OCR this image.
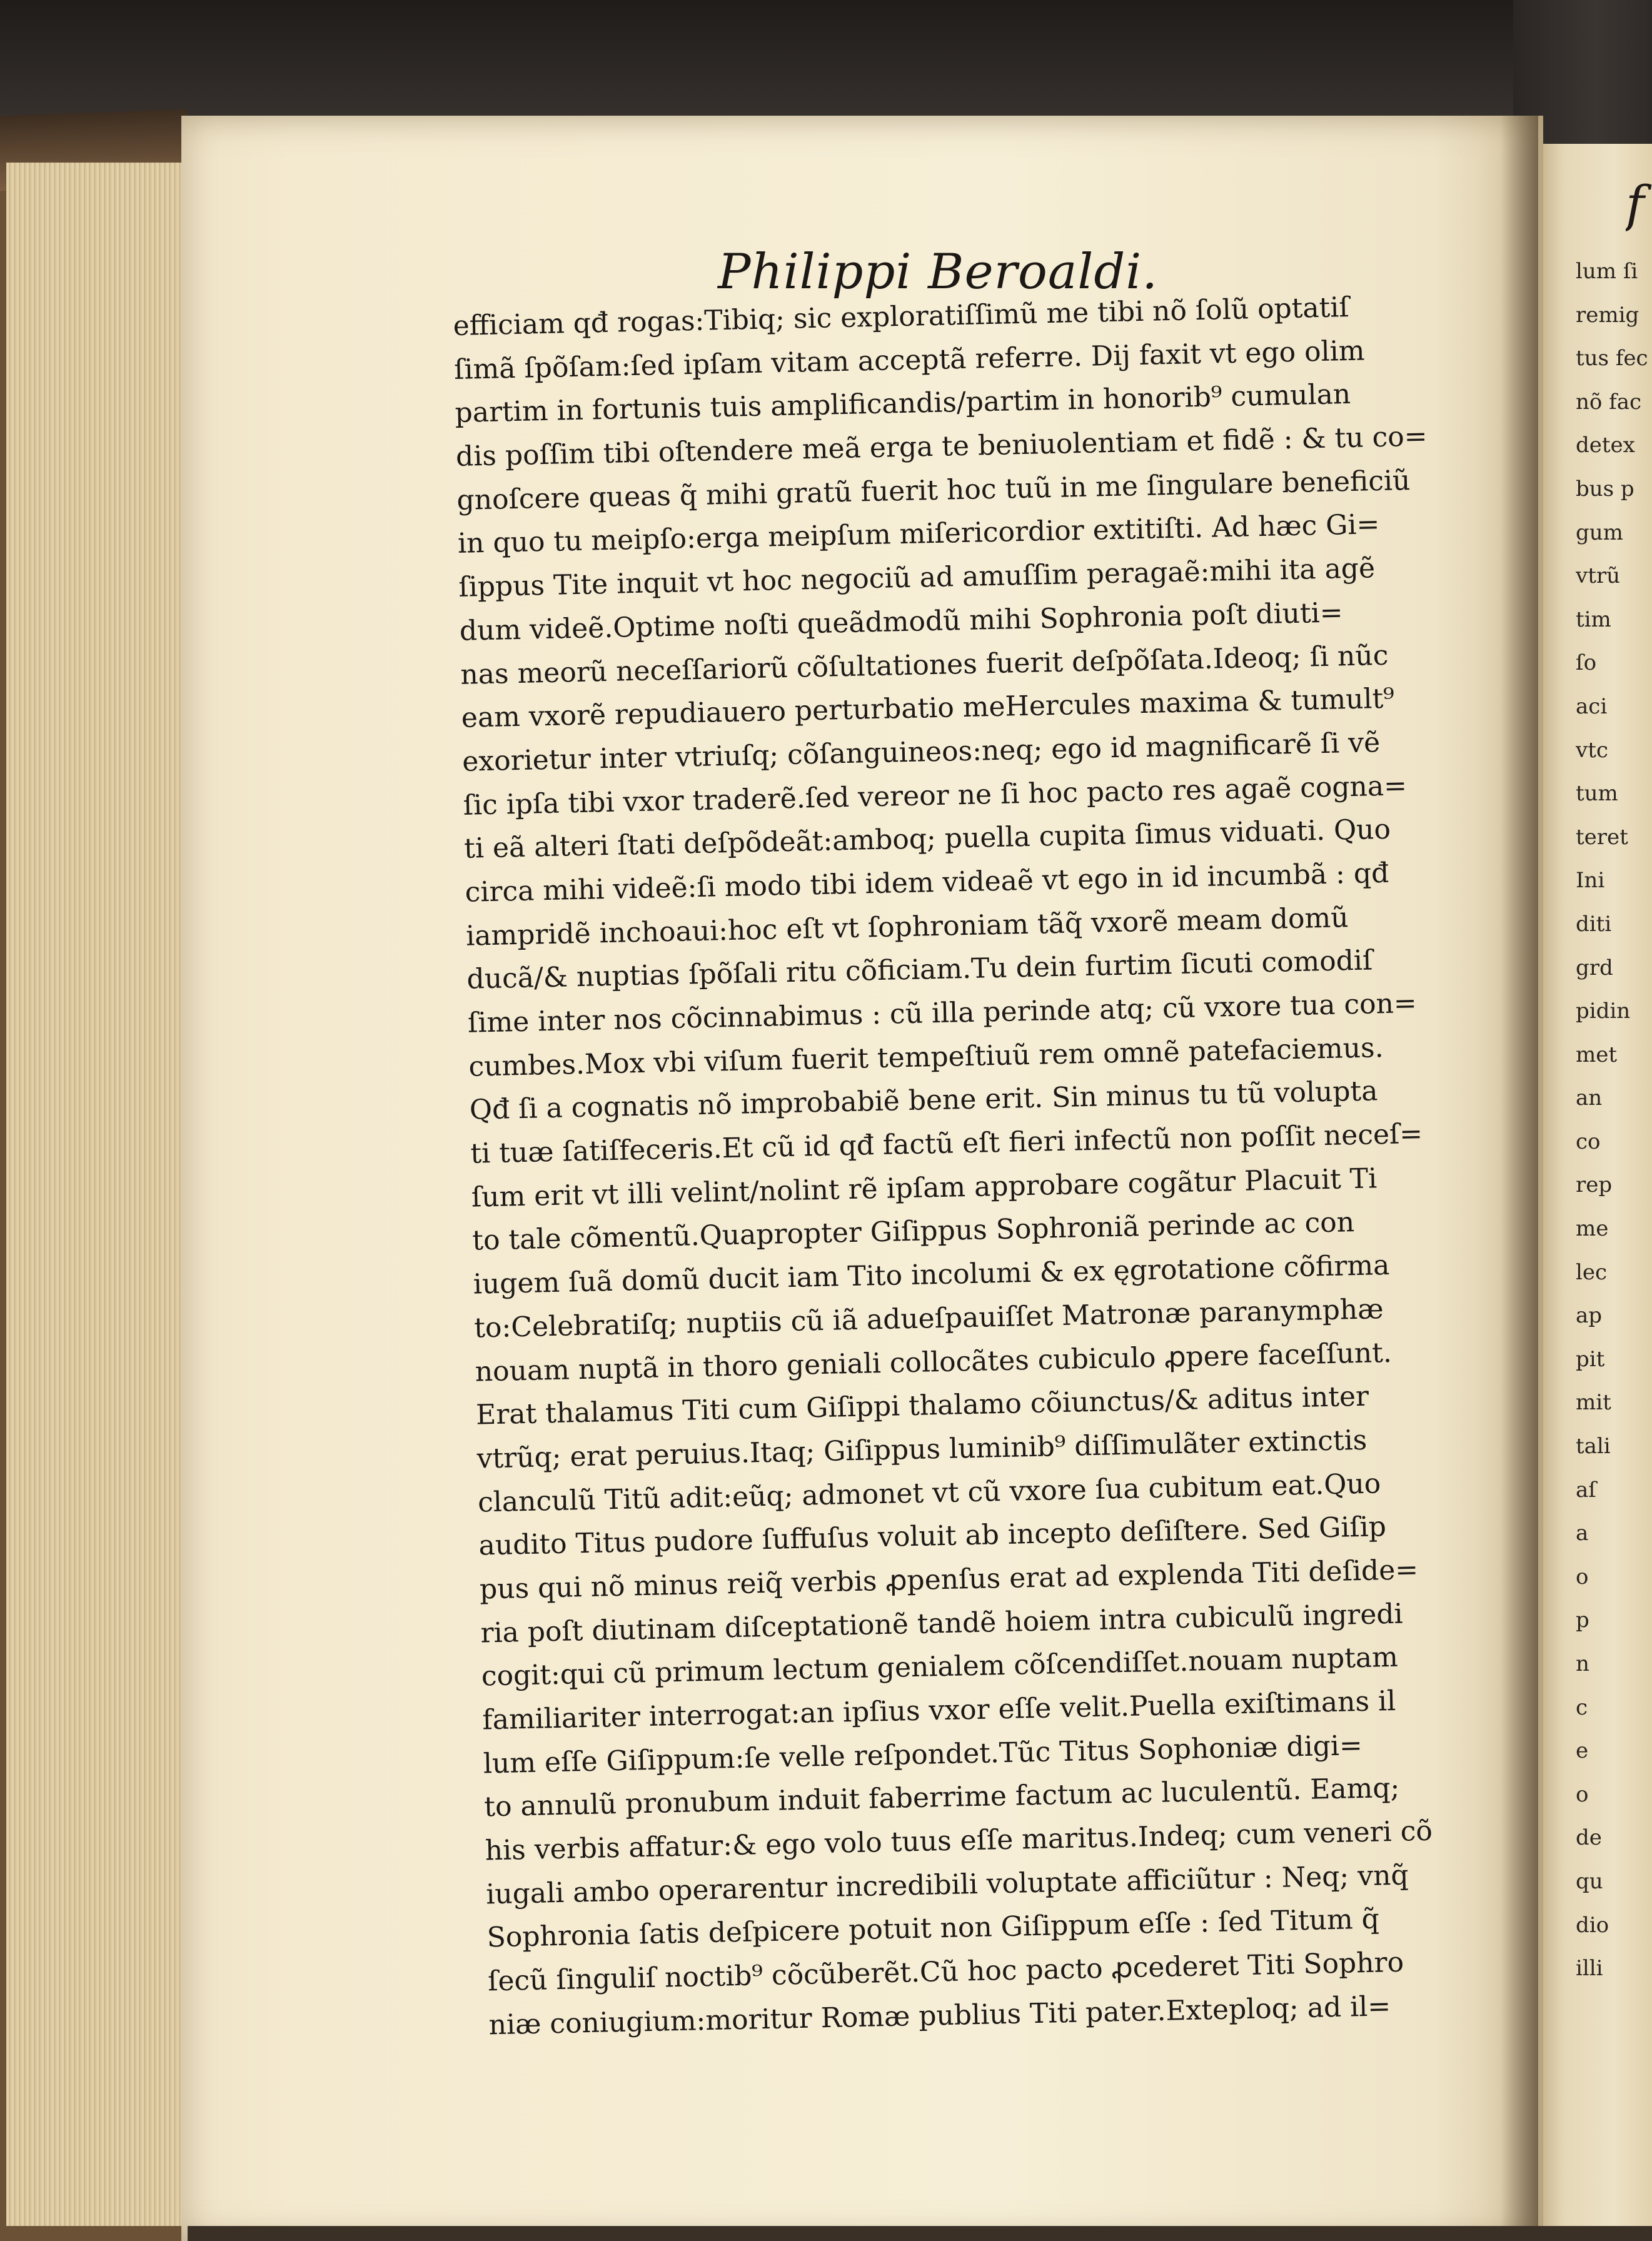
f
lum ſi
remig
tus fec
nõ fac
detex
bus p
gum
vtrũ
tim
ſo
aci
vtc
tum
teret
Ini
diti
grd
pidin
met
an
co
rep
me
lec
ap
pit
mit
tali
aſ
a
o
p
n
c
e
o
de
qu
dio
illi
Philippi Beroaldi.
efficiam qđ rogas:Tibiq; sic exploratiſſimũ me tibi nõ ſolũ optatiſ
ſimã ſpõſam:ſed ipſam vitam acceptã referre. Dij faxit vt ego olim
partim in fortunis tuis amplificandis/partim in honorib⁹ cumulan
dis poſſim tibi oſtendere meã erga te beniuolentiam et fidẽ : & tu co=
gnoſcere queas q̃ mihi gratũ fuerit hoc tuũ in me ſingulare beneficiũ
in quo tu meipſo:erga meipſum miſericordior extitiſti. Ad hæc Gi=
ſippus Tite inquit vt hoc negociũ ad amuſſim peragaẽ:mihi ita agẽ
dum videẽ.Optime noſti queãdmodũ mihi Sophronia poſt diuti=
nas meorũ neceſſariorũ cõſultationes fuerit deſpõſata.Ideoq; ſi nũc
eam vxorẽ repudiauero perturbatio meHercules maxima & tumult⁹
exorietur inter vtriuſq; cõſanguineos:neq; ego id magnificarẽ ſi vẽ
ſic ipſa tibi vxor traderẽ.ſed vereor ne ſi hoc pacto res agaẽ cogna=
ti eã alteri ſtati deſpõdeãt:amboq; puella cupita ſimus viduati. Quo
circa mihi videẽ:ſi modo tibi idem videaẽ vt ego in id incumbã : qđ
iampridẽ inchoaui:hoc eſt vt ſophroniam tãq̃ vxorẽ meam domũ
ducã/& nuptias ſpõſali ritu cõficiam.Tu dein furtim ſicuti comodiſ
ſime inter nos cõcinnabimus : cũ illa perinde atq; cũ vxore tua con=
cumbes.Mox vbi viſum fuerit tempeſtiuũ rem omnẽ patefaciemus.
Qđ ſi a cognatis nõ improbabiẽ bene erit. Sin minus tu tũ volupta
ti tuæ ſatiſfeceris.Et cũ id qđ factũ eſt fieri infectũ non poſſit neceſ=
ſum erit vt illi velint/nolint rẽ ipſam approbare cogãtur Placuit Ti
to tale cõmentũ.Quapropter Giſippus Sophroniã perinde ac con
iugem ſuã domũ ducit iam Tito incolumi & ex ęgrotatione cõfirma
to:Celebratiſq; nuptiis cũ iã adueſpauiſſet Matronæ paranymphæ
nouam nuptã in thoro geniali collocãtes cubiculo ꝓpere faceſſunt.
Erat thalamus Titi cum Giſippi thalamo cõiunctus/& aditus inter
vtrũq; erat peruius.Itaq; Giſippus luminib⁹ diſſimulãter extinctis
clanculũ Titũ adit:eũq; admonet vt cũ vxore ſua cubitum eat.Quo
audito Titus pudore ſuffuſus voluit ab incepto deſiſtere. Sed Giſip
pus qui nõ minus reiq̃ verbis ꝓpenſus erat ad explenda Titi deſide=
ria poſt diutinam diſceptationẽ tandẽ hoiem intra cubiculũ ingredi
cogit:qui cũ primum lectum genialem cõſcendiſſet.nouam nuptam
familiariter interrogat:an ipſius vxor eſſe velit.Puella exiſtimans il
lum eſſe Giſippum:ſe velle reſpondet.Tũc Titus Sophoniæ digi=
to annulũ pronubum induit faberrime factum ac luculentũ. Eamq;
his verbis affatur:& ego volo tuus eſſe maritus.Indeq; cum veneri cõ
iugali ambo operarentur incredibili voluptate afficiũtur : Neq; vnq̃
Sophronia ſatis deſpicere potuit non Giſippum eſſe : ſed Titum q̃
ſecũ ſinguliſ noctib⁹ cõcũberẽt.Cũ hoc pacto ꝓcederet Titi Sophro
niæ coniugium:moritur Romæ publius Titi pater.Exteploq; ad il=
